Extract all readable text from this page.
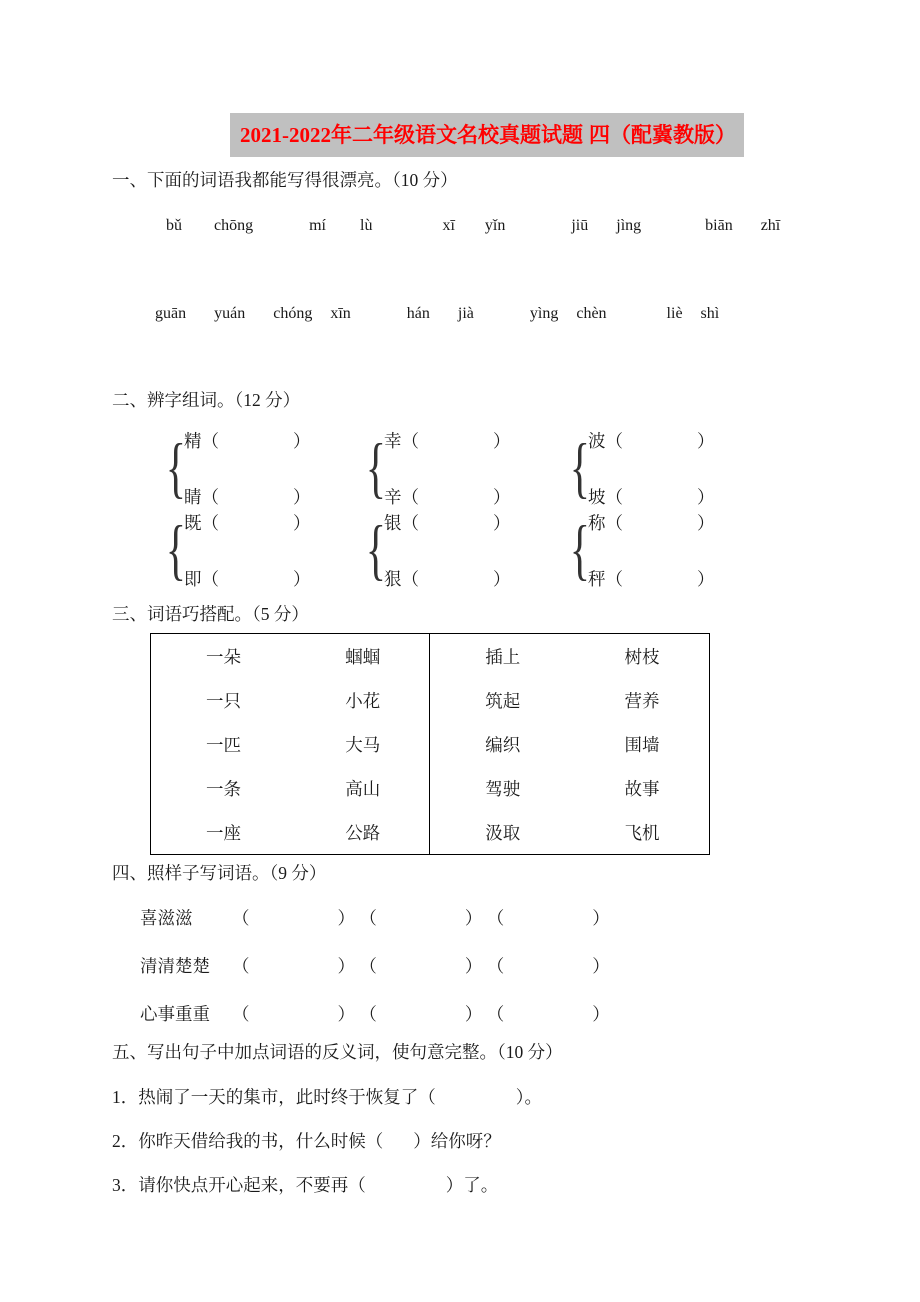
2021-2022 年二年级语文名校真题试题
四（配冀教版）
一、下面的词语我都能写得很漂亮。（10 分）
bǔ chōng	mí lù	xī yǐn	jiū jìng	biān zhī
guān yuán chóng xīn	hán jià	yìng chèn	liè shì
二、辨字组词。（12 分）
{
精（	）
睛（	） {
幸（	）
辛（	） {
波（	）
坡（	）
{
既（	）
即（	） {
银（	）
狠（	） {
称（	）
秤（	）
三、词语巧搭配。（5 分）
一朵	蝈蝈	插上	树枝
一只	小花	筑起	营养
一匹	大马	编织	围墙
一条	高山	驾驶	故事
一座	公路	汲取	飞机
四、照样子写词语。（9 分）
喜滋滋 （	） （	） （	）
清清楚楚 （	） （	） （	）
心事重重 （	） （	） （	）
五、写出句子中加点词语的反义词，使句意完整。（10 分）
1．热闹了一天的集市，此时终于恢复了（	）。
2．你昨天借给我的书，什么时候（ ）给你呀？
3．请你快点开心起来，不要再（	）了。
